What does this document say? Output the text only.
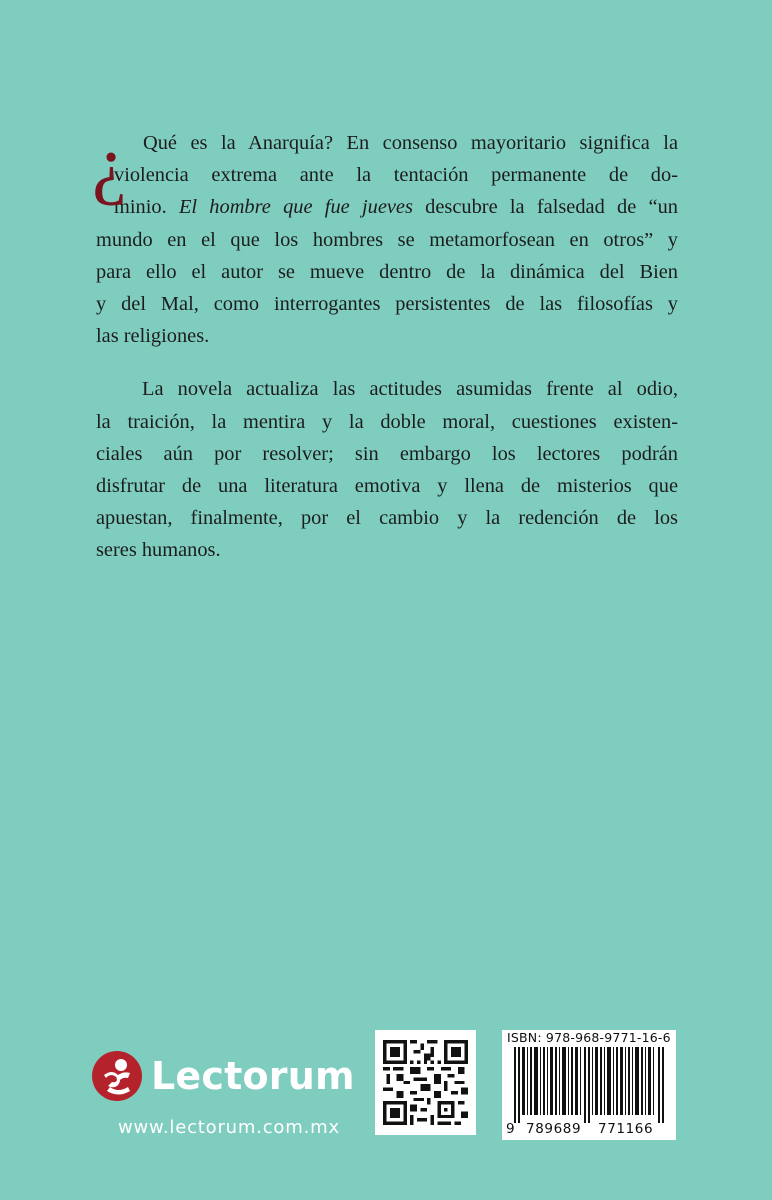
¿ Qué es la Anarquía? En consenso mayoritario significa la
violencia extrema ante la tentación permanente de do-
minio. El hombre que fue jueves descubre la falsedad de “un
mundo en el que los hombres se metamorfosean en otros” y
para ello el autor se mueve dentro de la dinámica del Bien
y del Mal, como interrogantes persistentes de las filosofías y
las religiones.
La novela actualiza las actitudes asumidas frente al odio,
la traición, la mentira y la doble moral, cuestiones existen-
ciales aún por resolver; sin embargo los lectores podrán
disfrutar de una literatura emotiva y llena de misterios que
apuestan, finalmente, por el cambio y la redención de los
seres humanos.
Lectorum
www.lectorum.com.mx
ISBN: 978-968-9771-16-6
9 789689 771166
